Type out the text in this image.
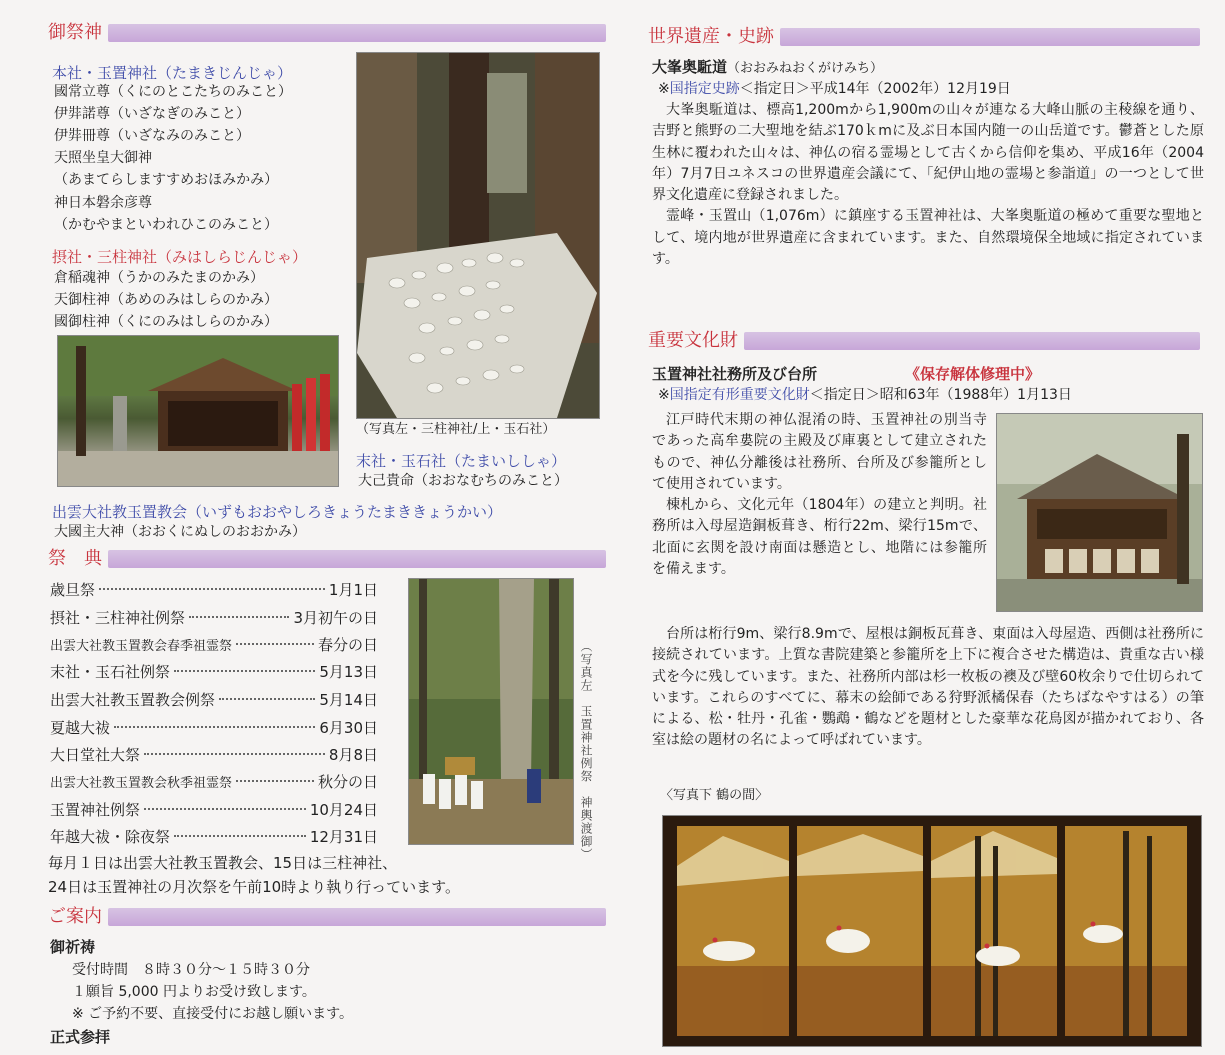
御祭神
本社・玉置神社（たまきじんじゃ）
國常立尊（くにのとこたちのみこと）
伊弉諾尊（いざなぎのみこと）
伊弉冊尊（いざなみのみこと）
天照坐皇大御神
（あまてらしますすめおほみかみ）
神日本磐余彦尊
（かむやまといわれひこのみこと）
摂社・三柱神社（みはしらじんじゃ）
倉稲魂神（うかのみたまのかみ）
天御柱神（あめのみはしらのかみ）
國御柱神（くにのみはしらのかみ）
（写真左・三柱神社/上・玉石社）
末社・玉石社（たまいししゃ）
大己貴命（おおなむちのみこと）
出雲大社教玉置教会（いずもおおやしろきょうたまききょうかい）
大國主大神（おおくにぬしのおおかみ）
祭　典
歳旦祭	1月1日
摂社・三柱神社例祭	3月初午の日
出雲大社教玉置教会春季祖霊祭	春分の日
末社・玉石社例祭	5月13日
出雲大社教玉置教会例祭	5月14日
夏越大祓	6月30日
大日堂社大祭	8月8日
出雲大社教玉置教会秋季祖霊祭	秋分の日
玉置神社例祭	10月24日
年越大祓・除夜祭	12月31日	（写真左　玉置神社例祭　神輿渡御）
毎月１日は出雲大社教玉置教会、15日は三柱神社、
24日は玉置神社の月次祭を午前10時より執り行っています。
ご案内
御祈祷
受付時間　８時３０分～１５時３０分
１願旨 5,000 円よりお受け致します。
※ ご予約不要、直接受付にお越し願います。
正式参拝
世界遺産・史跡
大峯奥駈道（おおみねおくがけみち）
※国指定史跡＜指定日＞平成14年（2002年）12月19日

大峯奥駈道は、標高1,200mから1,900mの山々が連なる大峰山脈の主稜線を通り、吉野と熊野の二大聖地を結ぶ170ｋmに及ぶ日本国内随一の山岳道です。鬱蒼とした原生林に覆われた山々は、神仏の宿る霊場として古くから信仰を集め、平成16年（2004年）7月7日ユネスコの世界遺産会議にて、「紀伊山地の霊場と参詣道」の一つとして世界文化遺産に登録されました。

霊峰・玉置山（1,076m）に鎮座する玉置神社は、大峯奥駈道の極めて重要な聖地として、境内地が世界遺産に含まれています。また、自然環境保全地域に指定されています。

重要文化財
玉置神社社務所及び台所	《保存解体修理中》
※国指定有形重要文化財＜指定日＞昭和63年（1988年）1月13日

江戸時代末期の神仏混淆の時、玉置神社の別当寺であった高牟婁院の主殿及び庫裏として建立されたもので、神仏分離後は社務所、台所及び参籠所として使用されています。

棟札から、文化元年（1804年）の建立と判明。社務所は入母屋造銅板葺き、桁行22m、梁行15mで、北面に玄関を設け南面は懸造とし、地階には参籠所を備えます。

台所は桁行9m、梁行8.9mで、屋根は銅板瓦葺き、東面は入母屋造、西側は社務所に接続されています。上質な書院建築と参籠所を上下に複合させた構造は、貴重な古い様式を今に残しています。また、社務所内部は杉一枚板の襖及び壁60枚余りで仕切られています。これらのすべてに、幕末の絵師である狩野派橘保春（たちばなやすはる）の筆による、松・牡丹・孔雀・鸚鵡・鶴などを題材とした豪華な花鳥図が描かれており、各室は絵の題材の名によって呼ばれています。

〈写真下 鶴の間〉
